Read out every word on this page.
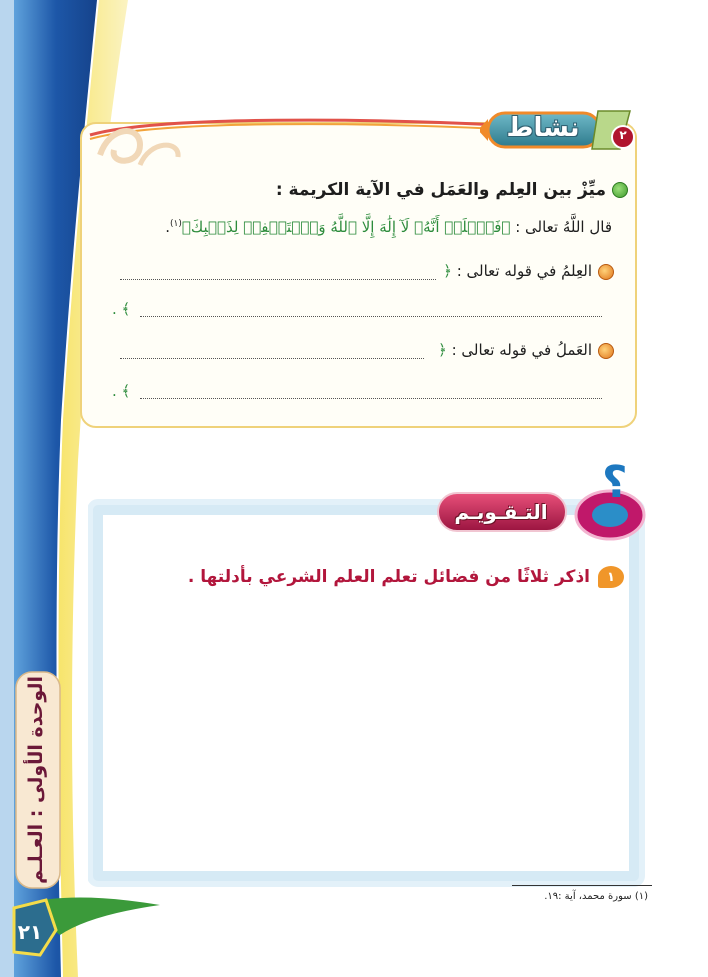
الوحدة الأولى : العـلـم
٢١
نشاط	٢
ميِّزْ بين العِلم والعَمَل في الآية الكريمة :
قال اللَّهُ تعالى : ﴿فَٱعۡلَمۡ أَنَّهُۥ لَآ إِلَٰهَ إِلَّا ٱللَّهُ وَٱسۡتَغۡفِرۡ لِذَنۢبِكَ﴾$^{(١)}$.
العِلمُ في قوله تعالى : ﴿
﴾ .
العَملُ في قوله تعالى : ﴿
﴾ .
؟
التـقـويـم
١
اذكر ثلاثًا من فضائل تعلم العلم الشرعي بأدلتها .
(١) سورة محمد، آية :١٩.
